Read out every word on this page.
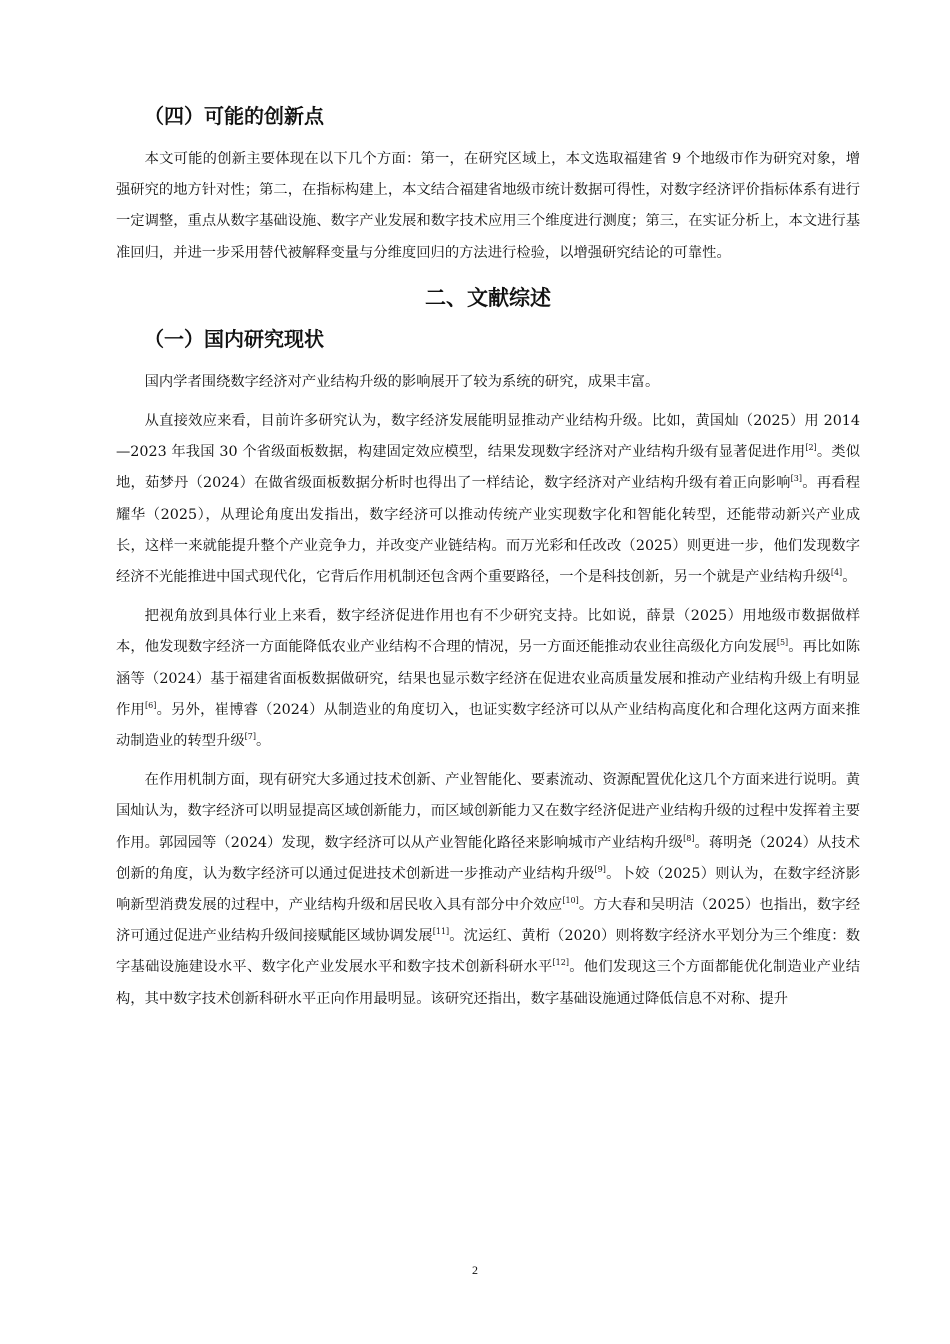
（四）可能的创新点

本文可能的创新主要体现在以下几个方面：第一，在研究区域上，本文选取福建省 9 个地级市作为研究对象，增强研究的地方针对性；第二，在指标构建上，本文结合福建省地级市统计数据可得性，对数字经济评价指标体系有进行一定调整，重点从数字基础设施、数字产业发展和数字技术应用三个维度进行测度；第三，在实证分析上，本文进行基准回归，并进一步采用替代被解释变量与分维度回归的方法进行检验，以增强研究结论的可靠性。

二、文献综述
（一）国内研究现状

国内学者围绕数字经济对产业结构升级的影响展开了较为系统的研究，成果丰富。

从直接效应来看，目前许多研究认为，数字经济发展能明显推动产业结构升级。比如，黄国灿（2025）用 2014—2023 年我国 30 个省级面板数据，构建固定效应模型，结果发现数字经济对产业结构升级有显著促进作用[2]。类似地，茹梦丹（2024）在做省级面板数据分析时也得出了一样结论，数字经济对产业结构升级有着正向影响[3]。再看程耀华（2025），从理论角度出发指出，数字经济可以推动传统产业实现数字化和智能化转型，还能带动新兴产业成长，这样一来就能提升整个产业竞争力，并改变产业链结构。而万光彩和任改改（2025）则更进一步，他们发现数字经济不光能推进中国式现代化，它背后作用机制还包含两个重要路径，一个是科技创新，另一个就是产业结构升级[4]。

把视角放到具体行业上来看，数字经济促进作用也有不少研究支持。比如说，薛景（2025）用地级市数据做样本，他发现数字经济一方面能降低农业产业结构不合理的情况，另一方面还能推动农业往高级化方向发展[5]。再比如陈涵等（2024）基于福建省面板数据做研究，结果也显示数字经济在促进农业高质量发展和推动产业结构升级上有明显作用[6]。另外，崔博睿（2024）从制造业的角度切入，也证实数字经济可以从产业结构高度化和合理化这两方面来推动制造业的转型升级[7]。

在作用机制方面，现有研究大多通过技术创新、产业智能化、要素流动、资源配置优化这几个方面来进行说明。黄国灿认为，数字经济可以明显提高区域创新能力，而区域创新能力又在数字经济促进产业结构升级的过程中发挥着主要作用。郭园园等（2024）发现，数字经济可以从产业智能化路径来影响城市产业结构升级[8]。蒋明尧（2024）从技术创新的角度，认为数字经济可以通过促进技术创新进一步推动产业结构升级[9]。卜姣（2025）则认为，在数字经济影响新型消费发展的过程中，产业结构升级和居民收入具有部分中介效应[10]。方大春和吴明洁（2025）也指出，数字经济可通过促进产业结构升级间接赋能区域协调发展[11]。沈运红、黄桁（2020）则将数字经济水平划分为三个维度：数字基础设施建设水平、数字化产业发展水平和数字技术创新科研水平[12]。他们发现这三个方面都能优化制造业产业结构，其中数字技术创新科研水平正向作用最明显。该研究还指出，数字基础设施通过降低信息不对称、提升

2
